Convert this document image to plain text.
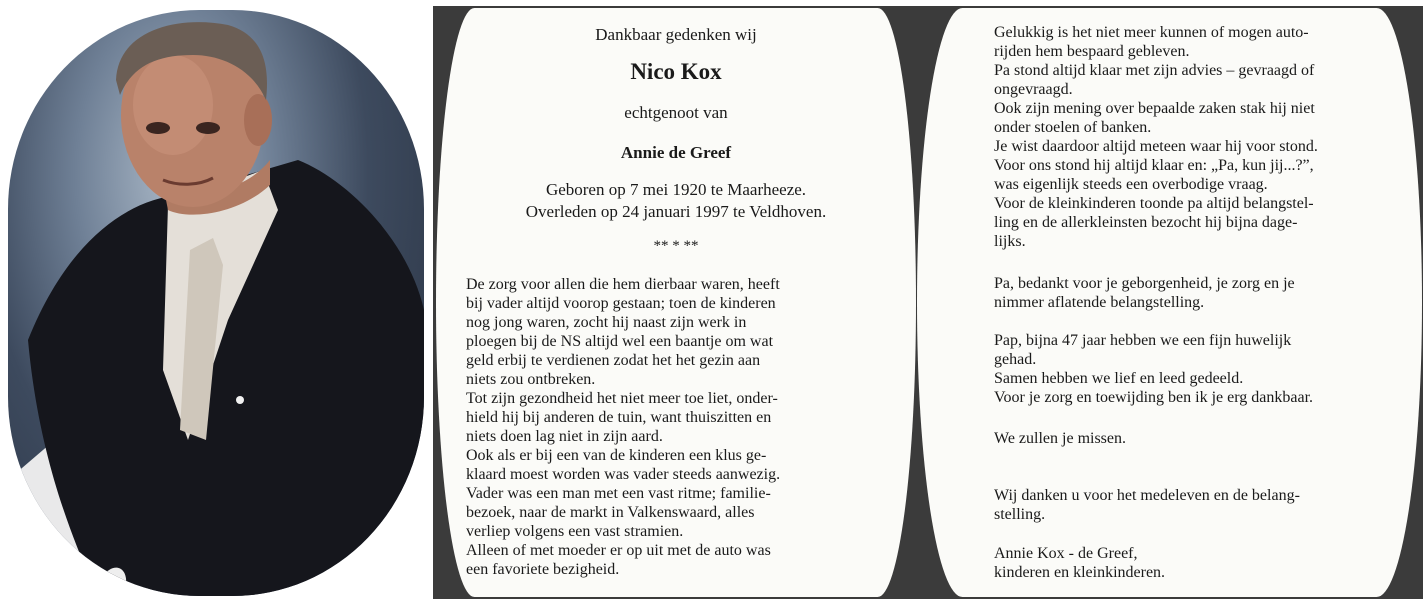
Dankbaar gedenken wij
Nico Kox
echtgenoot van
Annie de Greef
Geboren op 7 mei 1920 te Maarheeze.
Overleden op 24 januari 1997 te Veldhoven.
** * **

De zorg voor allen die hem dierbaar waren, heeft

bij vader altijd voorop gestaan; toen de kinderen

nog jong waren, zocht hij naast zijn werk in

ploegen bij de NS altijd wel een baantje om wat

geld erbij te verdienen zodat het het gezin aan

niets zou ontbreken.

Tot zijn gezondheid het niet meer toe liet, onder-

hield hij bij anderen de tuin, want thuiszitten en

niets doen lag niet in zijn aard.

Ook als er bij een van de kinderen een klus ge-

klaard moest worden was vader steeds aanwezig.

Vader was een man met een vast ritme; familie-

bezoek, naar de markt in Valkenswaard, alles

verliep volgens een vast stramien.

Alleen of met moeder er op uit met de auto was

een favoriete bezigheid.

Gelukkig is het niet meer kunnen of mogen auto-

rijden hem bespaard gebleven.

Pa stond altijd klaar met zijn advies – gevraagd of

ongevraagd.

Ook zijn mening over bepaalde zaken stak hij niet

onder stoelen of banken.

Je wist daardoor altijd meteen waar hij voor stond.

Voor ons stond hij altijd klaar en: „Pa, kun jij...?”,

was eigenlijk steeds een overbodige vraag.

Voor de kleinkinderen toonde pa altijd belangstel-

ling en de allerkleinsten bezocht hij bijna dage-

lijks.

Pa, bedankt voor je geborgenheid, je zorg en je

nimmer aflatende belangstelling.

Pap, bijna 47 jaar hebben we een fijn huwelijk

gehad.

Samen hebben we lief en leed gedeeld.

Voor je zorg en toewijding ben ik je erg dankbaar.

We zullen je missen.

Wij danken u voor het medeleven en de belang-

stelling.

Annie Kox - de Greef,

kinderen en kleinkinderen.
